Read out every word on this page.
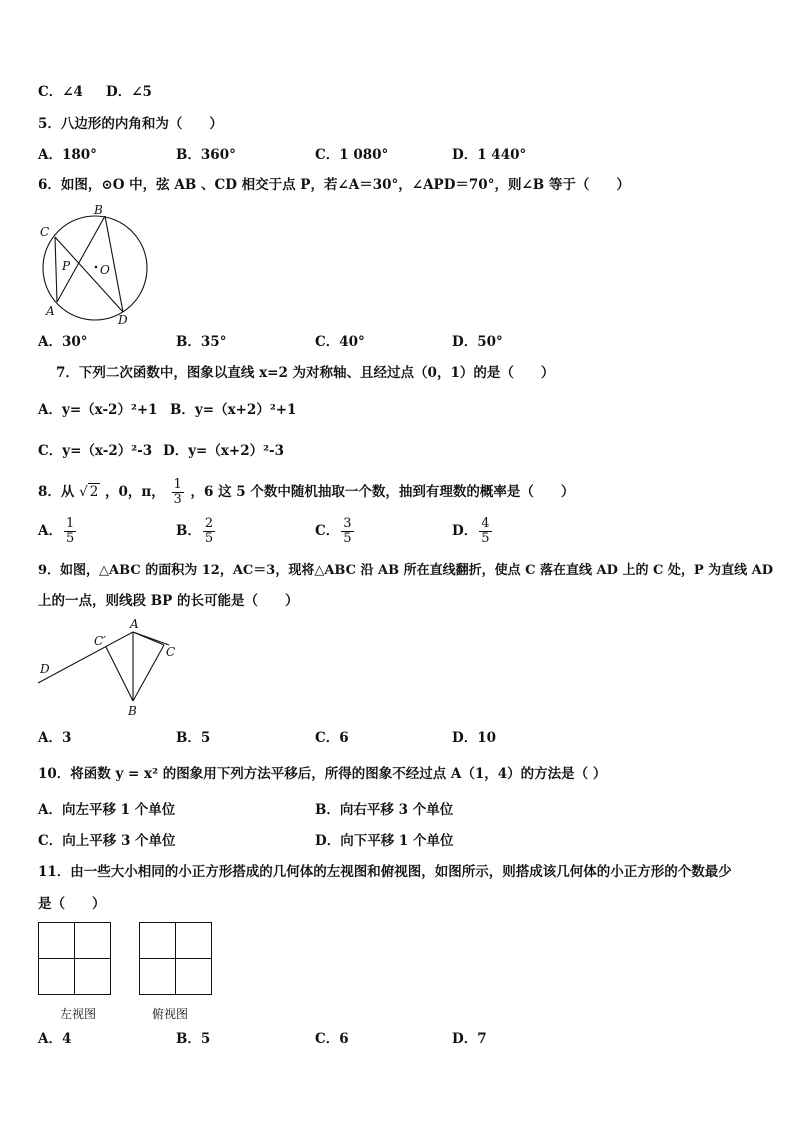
C．∠4 D．∠5
5．八边形的内角和为（　　）
A．180°	B．360°	C．1 080°	D．1 440°
6．如图，⊙O 中，弦 AB 、CD 相交于点 P，若∠A＝30°，∠APD＝70°，则∠B 等于（　　）
B
C
P O
A
D
A．30°	B．35°	C．40°	D．50°
7．下列二次函数中，图象以直线 x=2 为对称轴、且经过点（0，1）的是（　　）
A．y=（x-2）²+1 B．y=（x+2）²+1
C．y=（x-2）²-3 D．y=（x+2）²-3
8．从 √ 2 ，0，π， $\frac{1}{3}$ ，6 这 5 个数中随机抽取一个数，抽到有理数的概率是（　　）
A． $\frac{1}{5}$	B． $\frac{2}{5}$	C． $\frac{3}{5}$	D． $\frac{4}{5}$
9．如图，△ABC 的面积为 12，AC＝3，现将△ABC 沿 AB 所在直线翻折，使点 C 落在直线 AD 上的 C 处，P 为直线 AD
上的一点，则线段 BP 的长可能是（　　）
A
C′
C
D
B
A．3	B．5	C．6	D．10
10．将函数 y = x² 的图象用下列方法平移后，所得的图象不经过点 A（1，4）的方法是（ ）
A．向左平移 1 个单位	B．向右平移 3 个单位
C．向上平移 3 个单位	D．向下平移 1 个单位
11．由一些大小相同的小正方形搭成的几何体的左视图和俯视图，如图所示，则搭成该几何体的小正方形的个数最少
是（　　）
左视图	俯视图
A．4	B．5	C．6	D．7
